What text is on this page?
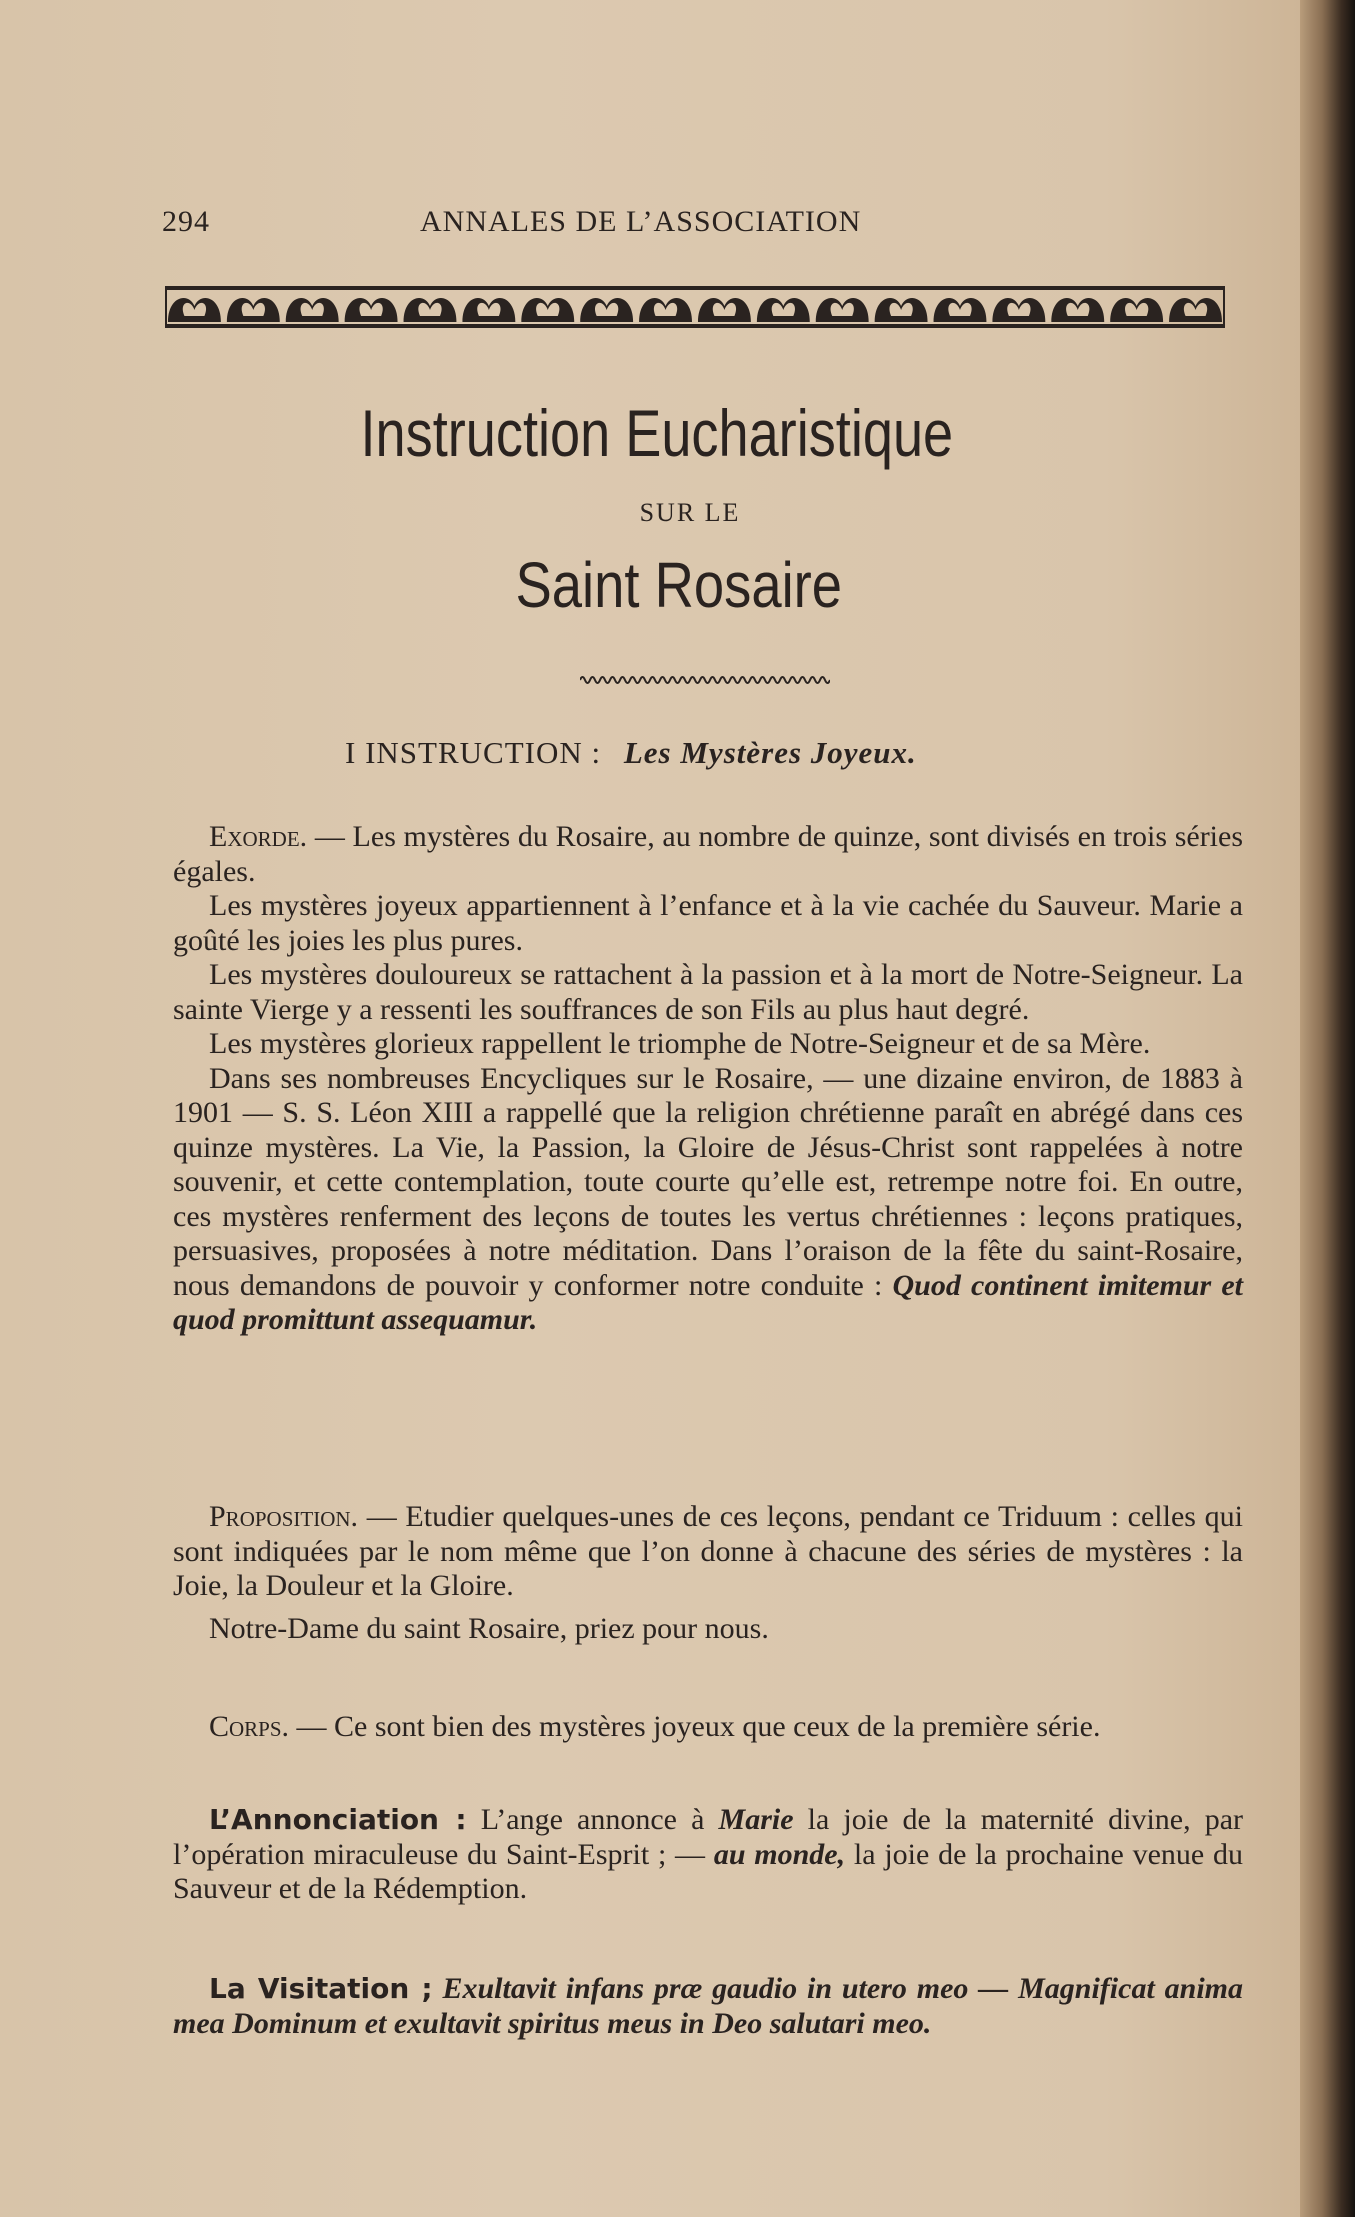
294	ANNALES DE L’ASSOCIATION
Instruction Eucharistique
SUR LE
Saint Rosaire
I INSTRUCTION : Les Mystères Joyeux.

Exorde. — Les mystères du Rosaire, au nombre de quinze, sont divisés en trois séries égales.

Les mystères joyeux appartiennent à l’enfance et à la vie cachée du Sauveur. Marie a goûté les joies les plus pures.

Les mystères douloureux se rattachent à la passion et à la mort de Notre-Seigneur. La sainte Vierge y a ressenti les souffrances de son Fils au plus haut degré.

Les mystères glorieux rappellent le triomphe de Notre-Seigneur et de sa Mère.

Dans ses nombreuses Encycliques sur le Rosaire, — une dizaine environ, de 1883 à 1901 — S. S. Léon XIII a rappellé que la religion chrétienne paraît en abrégé dans ces quinze mystères. La Vie, la Passion, la Gloire de Jésus-Christ sont rappelées à notre souvenir, et cette contemplation, toute courte qu’elle est, retrempe notre foi. En outre, ces mystères renferment des leçons de toutes les vertus chrétiennes : leçons pratiques, persuasives, proposées à notre méditation. Dans l’oraison de la fête du saint-Rosaire, nous demandons de pouvoir y conformer notre conduite : Quod continent imitemur et quod promittunt assequamur.

Proposition. — Etudier quelques-unes de ces leçons, pendant ce Triduum : celles qui sont indiquées par le nom même que l’on donne à chacune des séries de mystères : la Joie, la Douleur et la Gloire.

Notre-Dame du saint Rosaire, priez pour nous.

Corps. — Ce sont bien des mystères joyeux que ceux de la première série.

L’Annonciation : L’ange annonce à Marie la joie de la maternité divine, par l’opération miraculeuse du Saint-Esprit ; — au monde, la joie de la prochaine venue du Sauveur et de la Rédemption.

La Visitation ; Exultavit infans præ gaudio in utero meo — Magnificat anima mea Dominum et exultavit spiritus meus in Deo salutari meo.
